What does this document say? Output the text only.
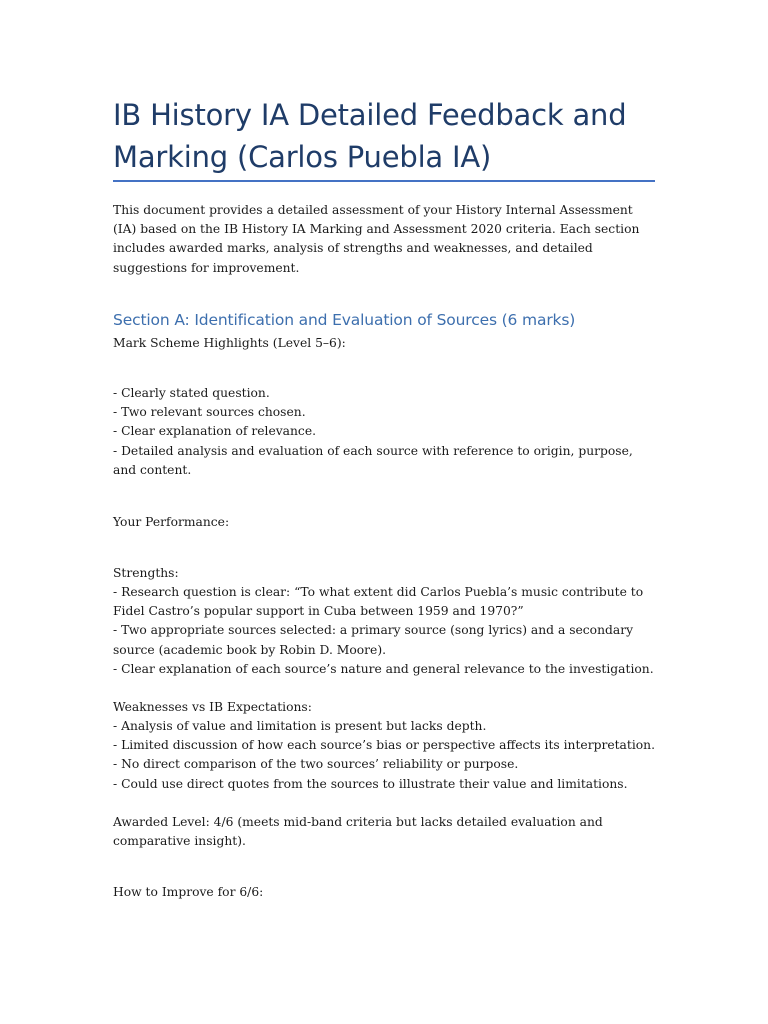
IB History IA Detailed Feedback and
Marking (Carlos Puebla IA)

This document provides a detailed assessment of your History Internal Assessment (IA) based on the IB History IA Marking and Assessment 2020 criteria. Each section includes awarded marks, analysis of strengths and weaknesses, and detailed suggestions for improvement.

Section A: Identification and Evaluation of Sources (6 marks)

Mark Scheme Highlights (Level 5–6):

- Clearly stated question.
- Two relevant sources chosen.
- Clear explanation of relevance.
- Detailed analysis and evaluation of each source with reference to origin, purpose, and content.

Your Performance:

Strengths:

- Research question is clear: “To what extent did Carlos Puebla’s music contribute to Fidel Castro’s popular support in Cuba between 1959 and 1970?”
- Two appropriate sources selected: a primary source (song lyrics) and a secondary source (academic book by Robin D. Moore).
- Clear explanation of each source’s nature and general relevance to the investigation.

Weaknesses vs IB Expectations:

- Analysis of value and limitation is present but lacks depth.
- Limited discussion of how each source’s bias or perspective affects its interpretation.
- No direct comparison of the two sources’ reliability or purpose.
- Could use direct quotes from the sources to illustrate their value and limitations.

Awarded Level: 4/6 (meets mid-band criteria but lacks detailed evaluation and comparative insight).

How to Improve for 6/6:
